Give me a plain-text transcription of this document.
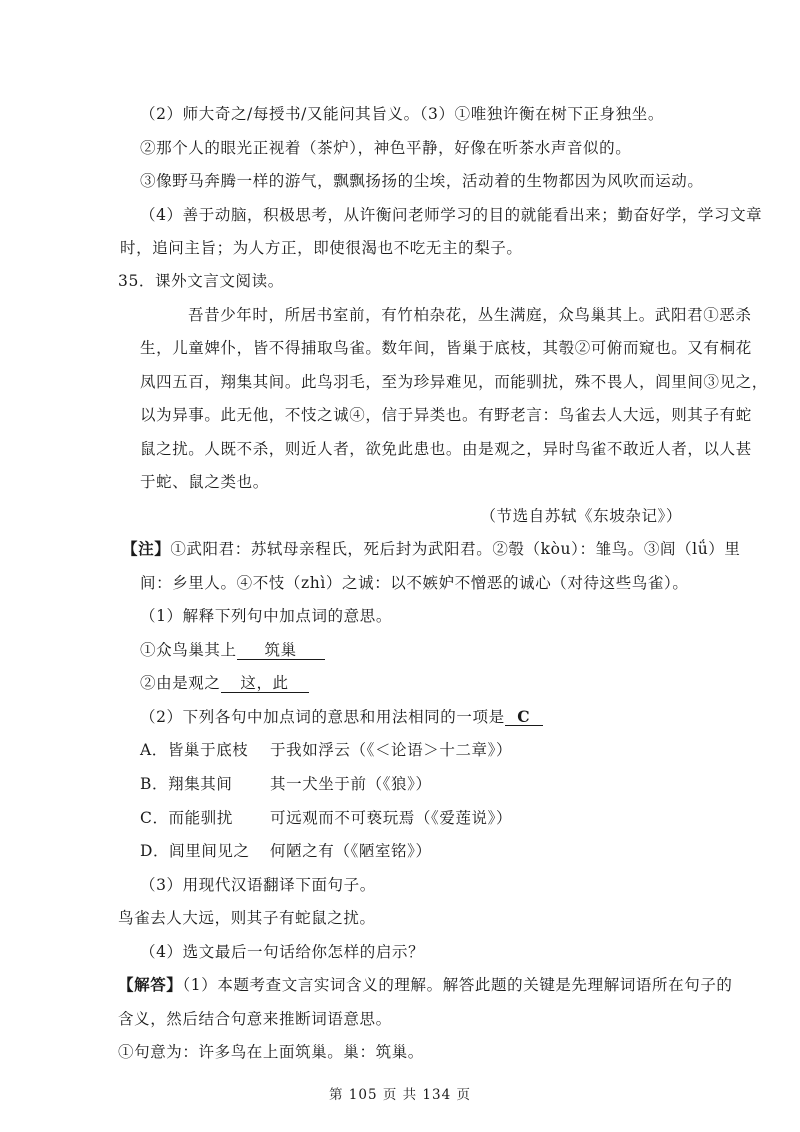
（2）师大奇之/每授书/又能问其旨义。（3）①唯独许衡在树下正身独坐。
②那个人的眼光正视着（茶炉），神色平静，好像在听茶水声音似的。
③像野马奔腾一样的游气，飘飘扬扬的尘埃，活动着的生物都因为风吹而运动。
（4）善于动脑，积极思考，从许衡问老师学习的目的就能看出来；勤奋好学，学习文章
时，追问主旨；为人方正，即使很渴也不吃无主的梨子。
35．课外文言文阅读。
吾昔少年时，所居书室前，有竹柏杂花，丛生满庭，众鸟巢其上。武阳君①恶杀
生，儿童婢仆，皆不得捕取鸟雀。数年间，皆巢于底枝，其彀②可俯而窥也。又有桐花
凤四五百，翔集其间。此鸟羽毛，至为珍异难见，而能驯扰，殊不畏人，闾里间③见之，
以为异事。此无他，不忮之诚④，信于异类也。有野老言：鸟雀去人大远，则其子有蛇
鼠之扰。人既不杀，则近人者，欲免此患也。由是观之，异时鸟雀不敢近人者，以人甚
于蛇、鼠之类也。
（节选自苏轼《东坡杂记》）
【注】①武阳君：苏轼母亲程氏，死后封为武阳君。②彀（kòu）：雏鸟。③闾（lǘ）里
间：乡里人。④不忮（zhì）之诚：以不嫉妒不憎恶的诚心（对待这些鸟雀）。
（1）解释下列句中加点词的意思。
①众鸟巢其上 筑巢
②由是观之 这，此
（2）下列各句中加点词的意思和用法相同的一项是 C
A．皆巢于底枝 于我如浮云（《＜论语＞十二章》）
B．翔集其间 其一犬坐于前（《狼》）
C．而能驯扰 可远观而不可亵玩焉（《爱莲说》）
D．闾里间见之 何陋之有（《陋室铭》）
（3）用现代汉语翻译下面句子。
鸟雀去人大远，则其子有蛇鼠之扰。
（4）选文最后一句话给你怎样的启示？
【解答】（1）本题考查文言实词含义的理解。解答此题的关键是先理解词语所在句子的
含义，然后结合句意来推断词语意思。
①句意为：许多鸟在上面筑巢。巢：筑巢。
第 105 页 共 134 页
